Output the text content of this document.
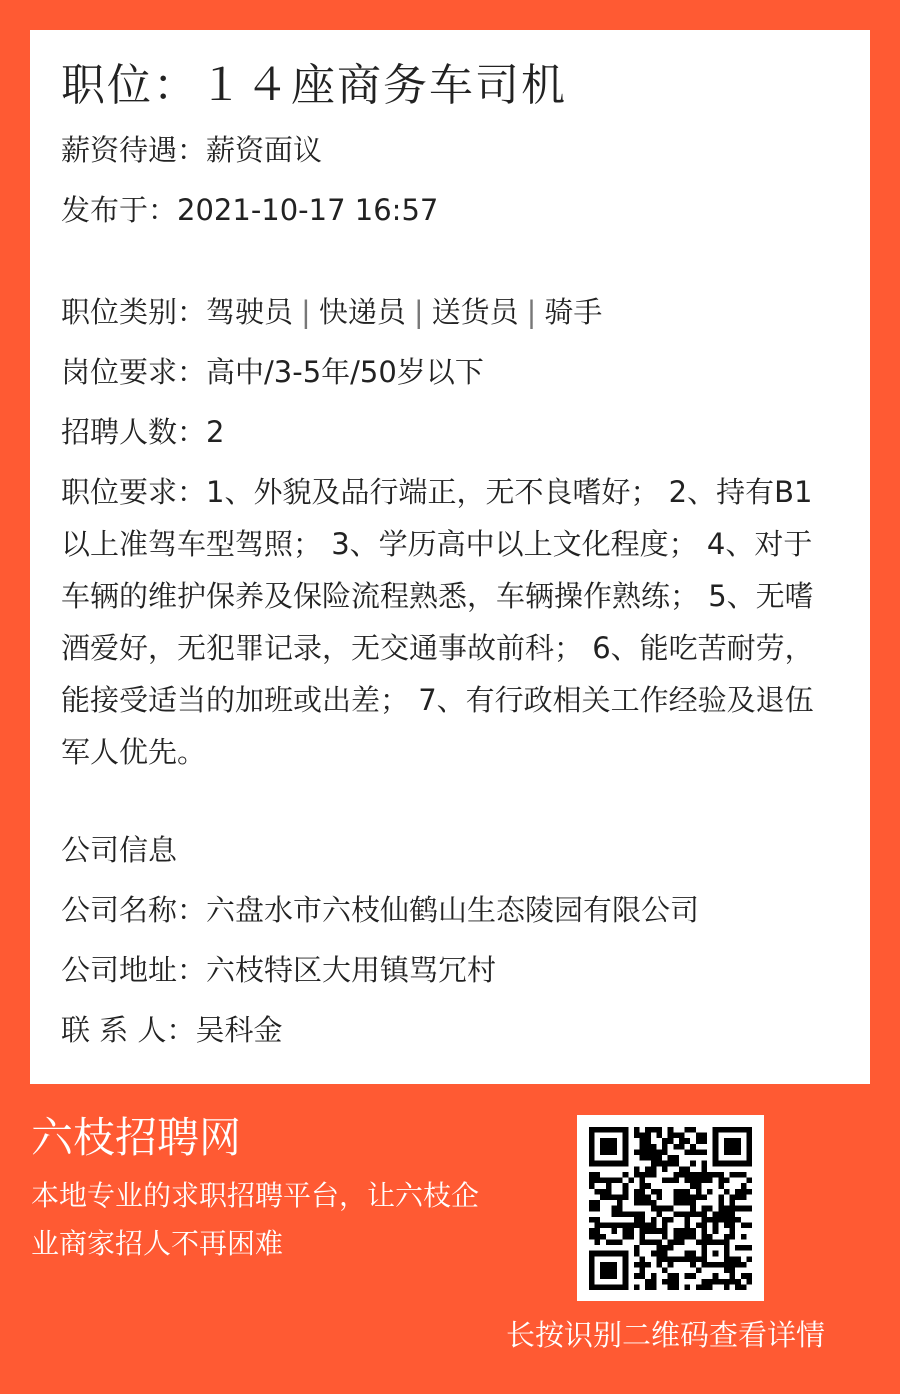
职位：１４座商务车司机
薪资待遇：薪资面议
发布于：2021-10-17 16:57
职位类别：驾驶员 | 快递员 | 送货员 | 骑手
岗位要求：高中/3-5年/50岁以下
招聘人数：2
职位要求：1、外貌及品行端正，无不良嗜好； 2、持有B1以上准驾车型驾照； 3、学历高中以上文化程度； 4、对于车辆的维护保养及保险流程熟悉，车辆操作熟练； 5、无嗜酒爱好，无犯罪记录，无交通事故前科； 6、能吃苦耐劳，能接受适当的加班或出差； 7、有行政相关工作经验及退伍军人优先。
公司信息
公司名称：六盘水市六枝仙鹤山生态陵园有限公司
公司地址：六枝特区大用镇骂冗村
联 系 人：吴科金
六枝招聘网
本地专业的求职招聘平台，让六枝企业商家招人不再困难
长按识别二维码查看详情
